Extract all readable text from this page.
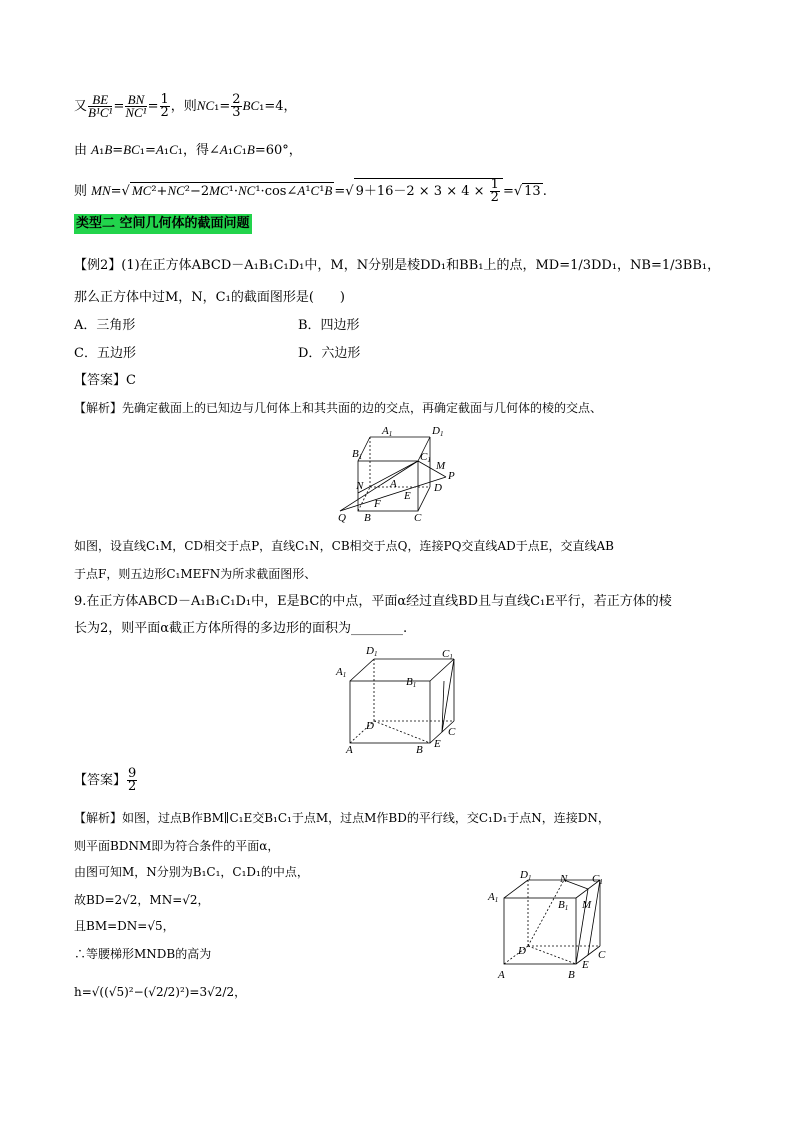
又 $\frac{BE}{\text{B¹C¹}} = \frac{BN}{\text{NC¹}} = \frac{1}{2}$ ，则$NC_1= \frac{2}{3} BC_1=4$，
由 A₁B=BC₁=A₁C₁，得∠A₁C₁B=60°，
则 MN=√ MC²+NC²−2MC¹·NC¹·cos∠A¹C¹B =√ $9+16-2 \times 3 \times 4 \times \frac{1}{2}$ =√ 13 .
类型二 空间几何体的截面问题
【例2】(1)在正方体ABCD－A₁B₁C₁D₁中，M，N分别是棱DD₁和BB₁上的点，MD=1/3DD₁，NB=1/3BB₁，
那么正方体中过M，N，C₁的截面图形是(　　)
A．三角形	B．四边形
C．五边形	D．六边形
【答案】C
【解析】先确定截面上的已知边与几何体上和其共面的边的交点，再确定截面与几何体的棱的交点、
A1	D1
B1	C1 M
P
D
N A
E
F
Q B	C
如图，设直线C₁M，CD相交于点P，直线C₁N，CB相交于点Q，连接PQ交直线AD于点E，交直线AB
于点F，则五边形C₁MEFN为所求截面图形、
9.在正方体ABCD－A₁B₁C₁D₁中，E是BC的中点，平面α经过直线BD且与直线C₁E平行，若正方体的棱
长为2，则平面α截正方体所得的多边形的面积为________.
D1	C1
A1
B1
D	C
E
B
A
【答案】 $\frac{9}{2}$
【解析】如图，过点B作BM∥C₁E交B₁C₁于点M，过点M作BD的平行线，交C₁D₁于点N，连接DN，
则平面BDNM即为符合条件的平面α，
由图可知M，N分别为B₁C₁，C₁D₁的中点，
故BD=2√2，MN=√2，
且BM=DN=√5，
∴等腰梯形MNDB的高为
h=√((√5)²−(√2/2)²)=3√2/2，
D1	N C1
A1	B1 M
D	C
E
B
A
